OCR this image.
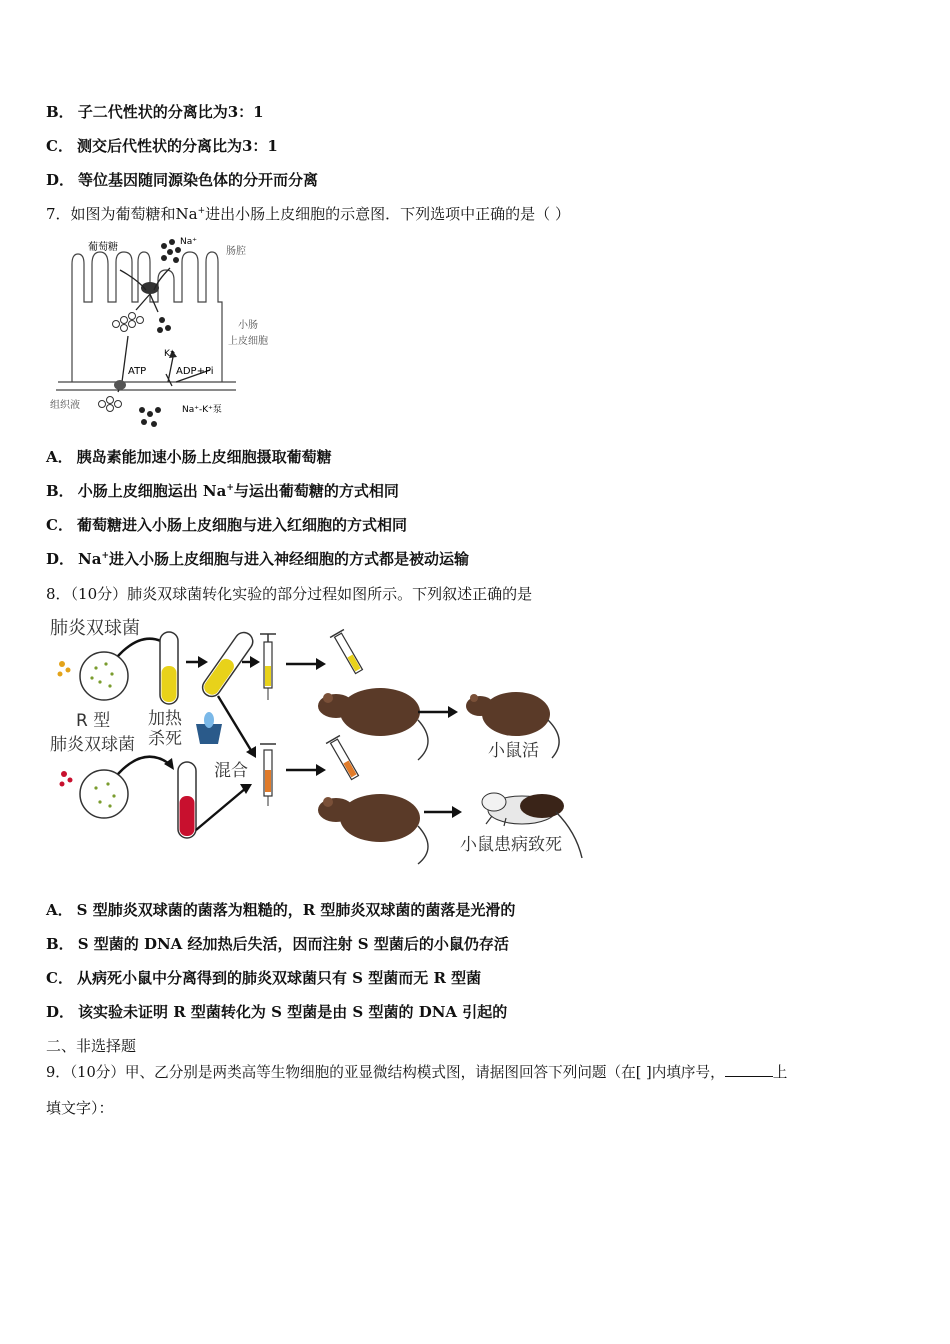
B． 子二代性状的分离比为3：1
C． 测交后代性状的分离比为3：1
D． 等位基因随同源染色体的分开而分离
7．如图为葡萄糖和Na+进出小肠上皮细胞的示意图．下列选项中正确的是（ ）
葡萄糖	Na⁺
肠腔
小肠
上皮细胞
ATP	ADP+Pi
K⁺
组织液	Na⁺-K⁺泵
A． 胰岛素能加速小肠上皮细胞摄取葡萄糖
B． 小肠上皮细胞运出 Na+与运出葡萄糖的方式相同
C． 葡萄糖进入小肠上皮细胞与进入红细胞的方式相同
D． Na+进入小肠上皮细胞与进入神经细胞的方式都是被动运输
8．（10分）肺炎双球菌转化实验的部分过程如图所示。下列叙述正确的是
肺炎双球菌
加热
杀死
小鼠活
R 型
肺炎双球菌
混合
小鼠患病致死
A． S 型肺炎双球菌的菌落为粗糙的，R 型肺炎双球菌的菌落是光滑的
B． S 型菌的 DNA 经加热后失活，因而注射 S 型菌后的小鼠仍存活
C． 从病死小鼠中分离得到的肺炎双球菌只有 S 型菌而无 R 型菌
D． 该实验未证明 R 型菌转化为 S 型菌是由 S 型菌的 DNA 引起的
二、非选择题
9．（10分）甲、乙分别是两类高等生物细胞的亚显微结构模式图，请据图回答下列问题（在[ ]内填序号，	上
填文字）：
